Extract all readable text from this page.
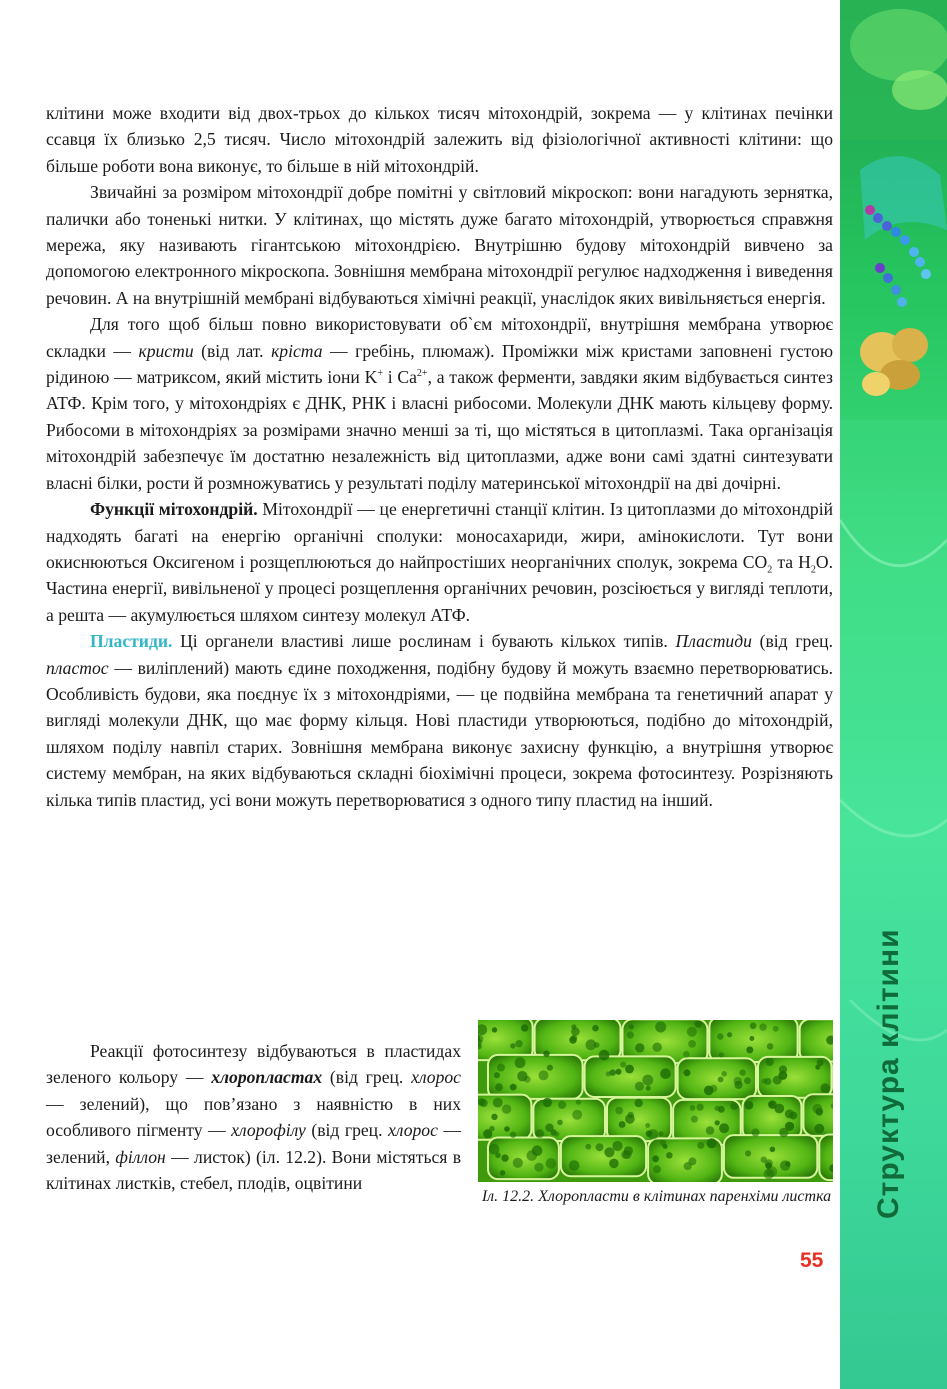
клітини може входити від двох-трьох до кількох тисяч мітохондрій, зокрема — у клітинах печінки ссавця їх близько 2,5 тисяч. Число мітохондрій залежить від фізіологічної активності клітини: що більше роботи вона виконує, то більше в ній мітохондрій.

Звичайні за розміром мітохондрії добре помітні у світловий мікроскоп: вони нагадують зернятка, палички або тоненькі нитки. У клітинах, що містять дуже багато мітохондрій, утворюється справжня мережа, яку називають гігантською мітохондрією. Внутрішню будову мітохондрій вивчено за допомогою електронного мікроскопа. Зовнішня мембрана мітохондрії регулює надходження і виведення речовин. А на внутрішній мембрані відбуваються хімічні реакції, унаслідок яких вивільняється енергія.

Для того щоб більш повно використовувати об`єм мітохондрії, внутрішня мембрана утворює складки — кристи (від лат. кріста — гребінь, плюмаж). Проміжки між кристами заповнені густою рідиною — матриксом, який містить іони K+ і $Ca^{2+}$, а також ферменти, завдяки яким відбувається синтез АТФ. Крім того, у мітохондріях є ДНК, РНК і власні рибосоми. Молекули ДНК мають кільцеву форму. Рибосоми в мітохондріях за розмірами значно менші за ті, що містяться в цитоплазмі. Така організація мітохондрій забезпечує їм достатню незалежність від цитоплазми, адже вони самі здатні синтезувати власні білки, рости й розмножуватись у результаті поділу материнської мітохондрії на дві дочірні.

Функції мітохондрій. Мітохондрії — це енергетичні станції клітин. Із цитоплазми до мітохондрій надходять багаті на енергію органічні сполуки: моносахариди, жири, амінокислоти. Тут вони окиснюються Оксигеном і розщеплюються до найпростіших неорганічних сполук, зокрема $CO_2$ та $H_2O$. Частина енергії, вивільненої у процесі розщеплення органічних речовин, розсіюється у вигляді теплоти, а решта — акумулюється шляхом синтезу молекул АТФ.

Пластиди. Ці органели властиві лише рослинам і бувають кількох типів. Пластиди (від грец. пластос — виліплений) мають єдине походження, подібну будову й можуть взаємно перетворюватись. Особливість будови, яка поєднує їх з мітохондріями, — це подвійна мембрана та генетичний апарат у вигляді молекули ДНК, що має форму кільця. Нові пластиди утворюються, подібно до мітохондрій, шляхом поділу навпіл старих. Зовнішня мембрана виконує захисну функцію, а внутрішня утворює систему мембран, на яких відбуваються складні біохімічні процеси, зокрема фотосинтезу. Розрізняють кілька типів пластид, усі вони можуть перетворюватися з одного типу пластид на інший.

Реакції фотосинтезу відбуваються в пластидах зеленого кольору — хлоропластах (від грец. хлорос — зелений), що пов’язано з наявністю в них особливого пігменту — хлорофілу (від грец. хлорос — зелений, філлон — листок) (іл. 12.2). Вони містяться в клітинах листків, стебел, плодів, оцвітини

Іл. 12.2. Хлоропласти в клітинах паренхіми листка Структура клітини
55
